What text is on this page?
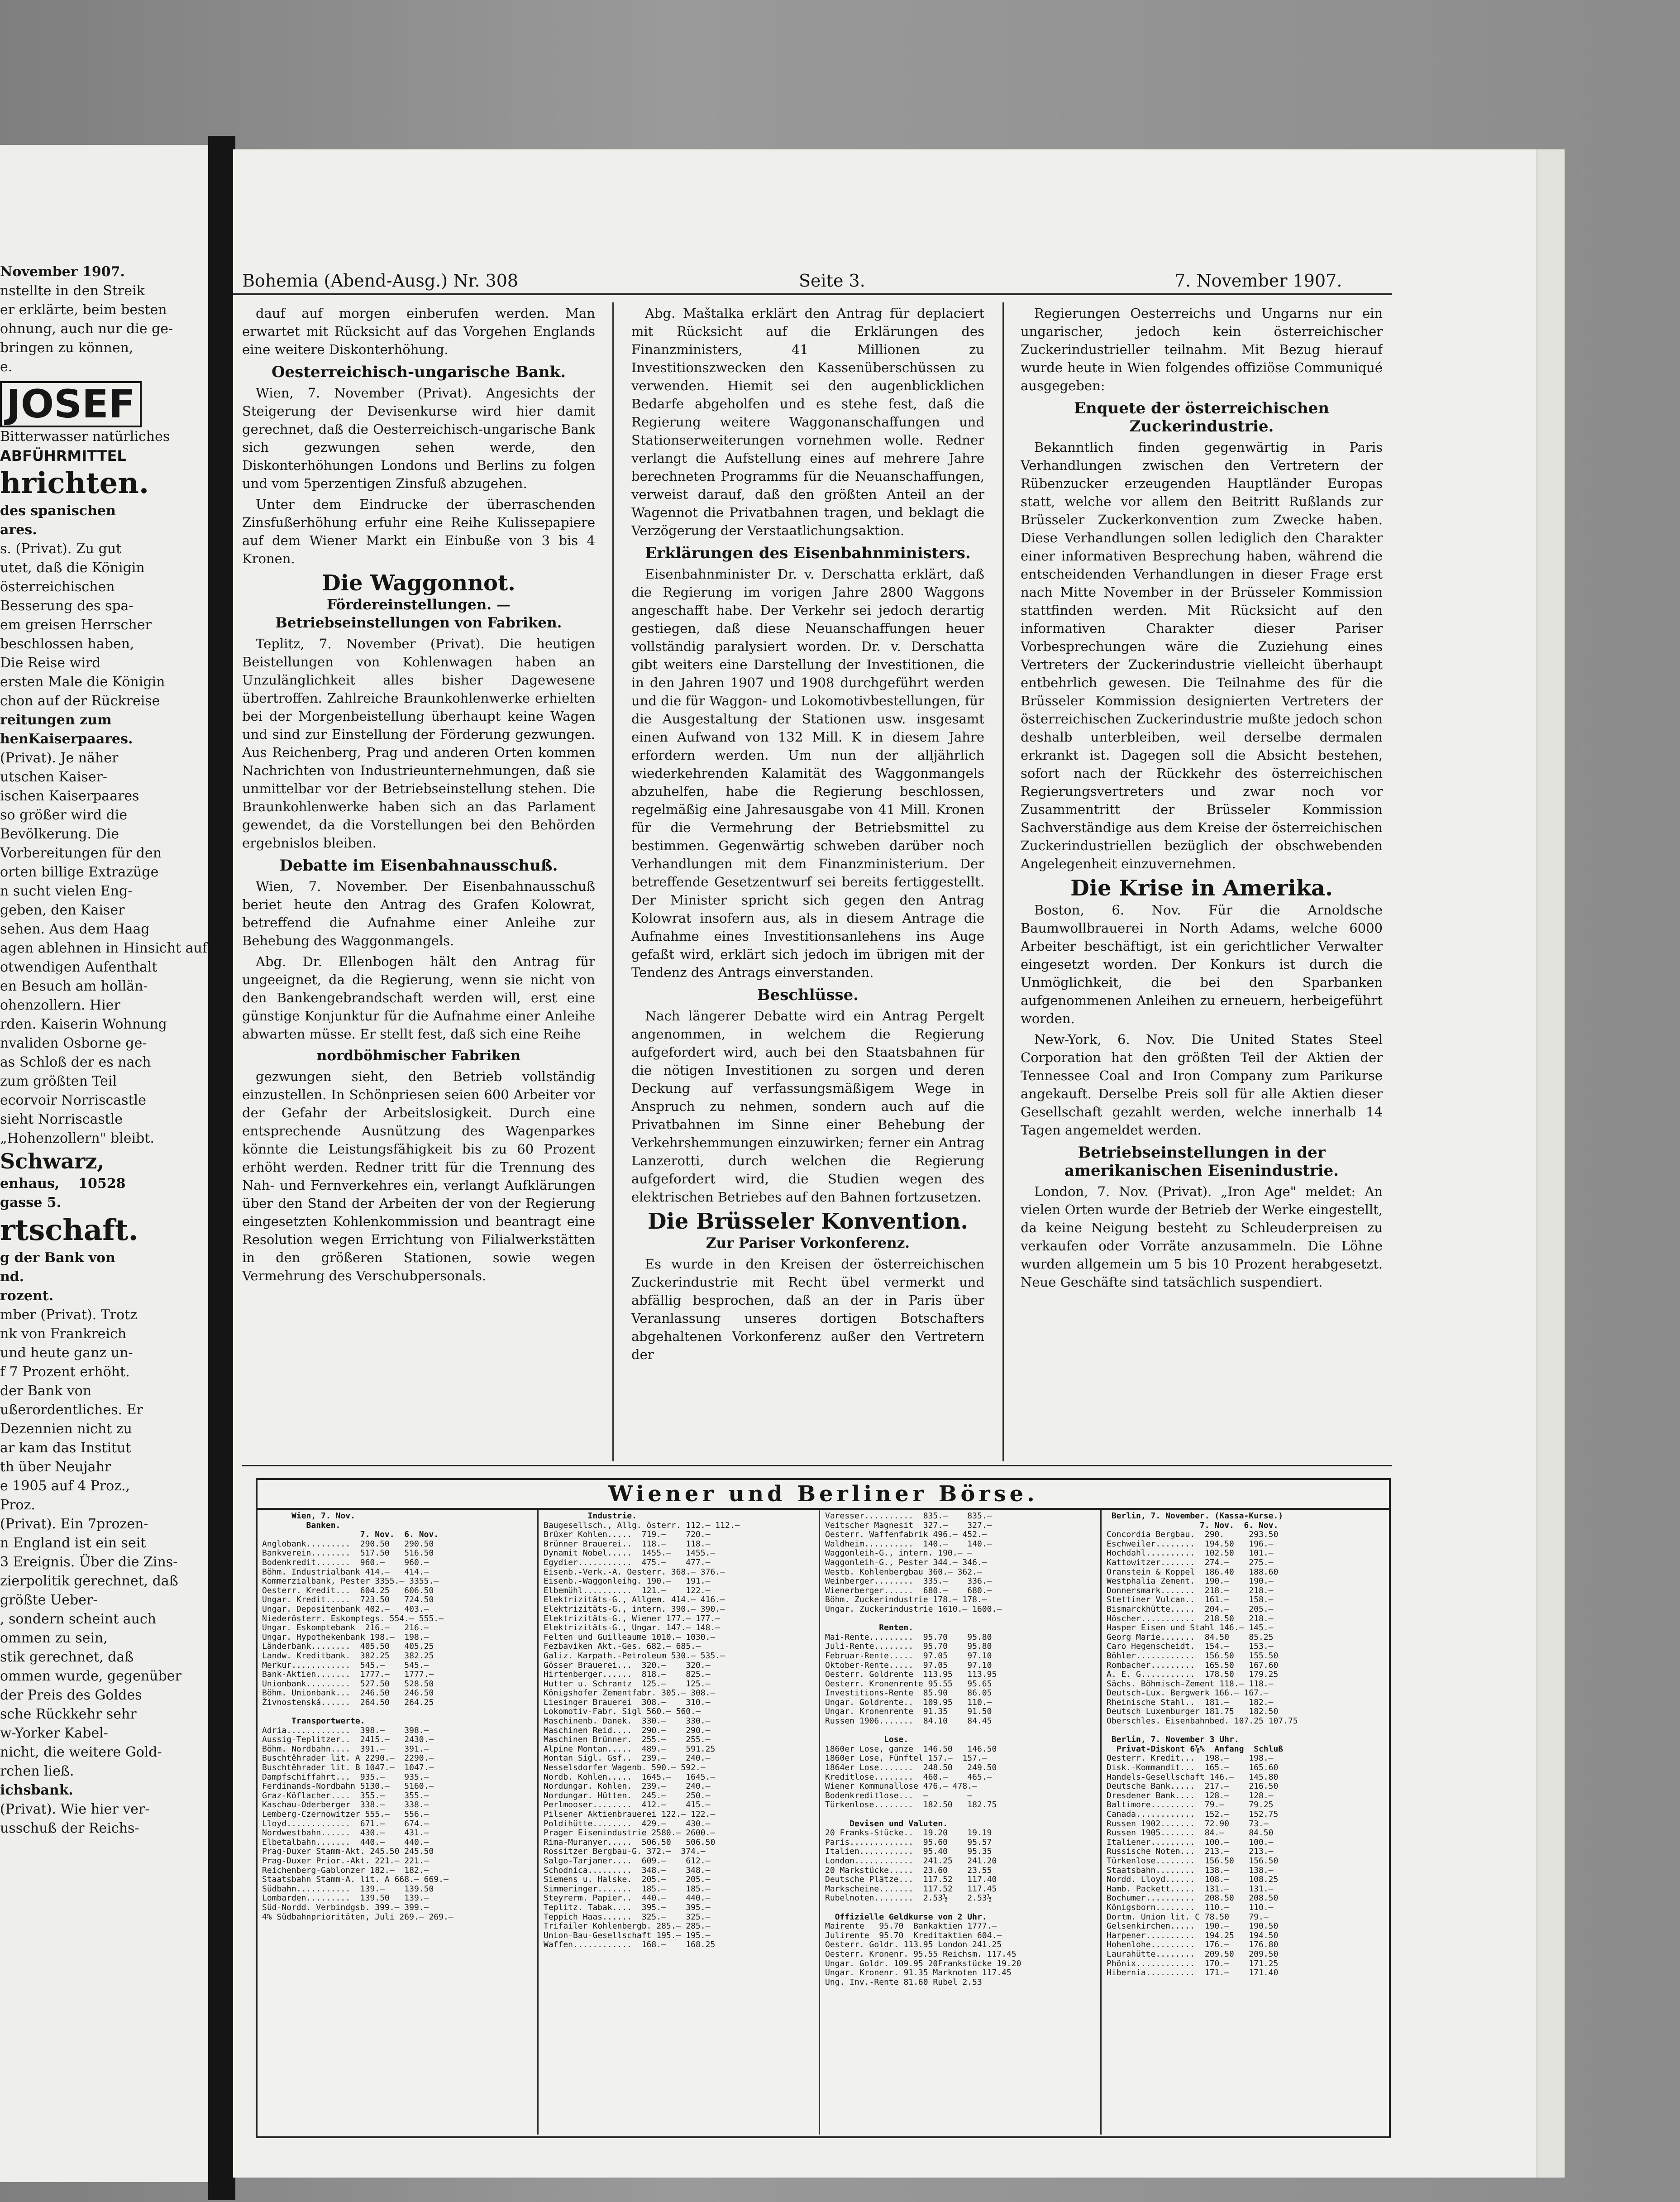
November 1907.
nstellte in den Streik
er erklärte, beim besten
ohnung, auch nur die ge-
bringen zu können,
e.
JOSEF
Bitterwasser natürliches
ABFÜHRMITTEL
hrichten.
des spanischen
ares.
s. (Privat). Zu gut
utet, daß die Königin
österreichischen
Besserung des spa-
em greisen Herrscher
beschlossen haben,
Die Reise wird
ersten Male die Königin
chon auf der Rückreise
reitungen zum
henKaiserpaares.
(Privat). Je näher
utschen Kaiser-
ischen Kaiserpaares
so größer wird die
Bevölkerung. Die
Vorbereitungen für den
orten billige Extrazüge
n sucht vielen Eng-
geben, den Kaiser
sehen. Aus dem Haag
agen ablehnen in Hinsicht auf
otwendigen Aufenthalt
en Besuch am hollän-
ohenzollern. Hier
rden. Kaiserin Wohnung
nvaliden Osborne ge-
as Schloß der es nach
zum größten Teil
ecorvoir Norriscastle
sieht Norriscastle
„Hohenzollern" bleibt.
Schwarz,
enhaus,    10528
gasse 5.
rtschaft.
g der Bank von
nd.
rozent.
mber (Privat). Trotz
nk von Frankreich
und heute ganz un-
f 7 Prozent erhöht.
der Bank von
ußerordentliches. Er
Dezennien nicht zu
ar kam das Institut
th über Neujahr
e 1905 auf 4 Proz.,
Proz.
(Privat). Ein 7prozen-
n England ist ein seit
3 Ereignis. Über die Zins-
zierpolitik gerechnet, daß
größte Ueber-
, sondern scheint auch
ommen zu sein,
stik gerechnet, daß
ommen wurde, gegenüber
der Preis des Goldes
sche Rückkehr sehr
w-Yorker Kabel-
nicht, die weitere Gold-
rchen ließ.
ichsbank.
(Privat). Wie hier ver-
usschuß der Reichs-
Bohemia (Abend-Ausg.) Nr. 308	Seite 3.	7. November 1907.

dauf auf morgen einberufen werden. Man erwartet mit Rücksicht auf das Vorgehen Englands eine weitere Diskonterhöhung.

Oesterreichisch-ungarische Bank.

Wien, 7. November (Privat). Angesichts der Steigerung der Devisenkurse wird hier damit gerechnet, daß die Oesterreichisch-ungarische Bank sich gezwungen sehen werde, den Diskonterhöhungen Londons und Berlins zu folgen und vom 5perzentigen Zinsfuß abzugehen.

Unter dem Eindrucke der überraschenden Zinsfußerhöhung erfuhr eine Reihe Kulissepapiere auf dem Wiener Markt ein Einbuße von 3 bis 4 Kronen.

Die Waggonnot.
Fördereinstellungen. — Betriebseinstellungen von Fabriken.

Teplitz, 7. November (Privat). Die heutigen Beistellungen von Kohlenwagen haben an Unzulänglichkeit alles bisher Dagewesene übertroffen. Zahlreiche Braunkohlenwerke erhielten bei der Morgenbeistellung überhaupt keine Wagen und sind zur Einstellung der Förderung gezwungen. Aus Reichenberg, Prag und anderen Orten kommen Nachrichten von Industrieunternehmungen, daß sie unmittelbar vor der Betriebseinstellung stehen. Die Braunkohlenwerke haben sich an das Parlament gewendet, da die Vorstellungen bei den Behörden ergebnislos bleiben.

Debatte im Eisenbahnausschuß.

Wien, 7. November. Der Eisenbahnausschuß beriet heute den Antrag des Grafen Kolowrat, betreffend die Aufnahme einer Anleihe zur Behebung des Waggonmangels.

Abg. Dr. Ellenbogen hält den Antrag für ungeeignet, da die Regierung, wenn sie nicht von den Bankengebrandschaft werden will, erst eine günstige Konjunktur für die Aufnahme einer Anleihe abwarten müsse. Er stellt fest, daß sich eine Reihe

nordböhmischer Fabriken

gezwungen sieht, den Betrieb vollständig einzustellen. In Schönpriesen seien 600 Arbeiter vor der Gefahr der Arbeitslosigkeit. Durch eine entsprechende Ausnützung des Wagenparkes könnte die Leistungsfähigkeit bis zu 60 Prozent erhöht werden. Redner tritt für die Trennung des Nah- und Fernverkehres ein, verlangt Aufklärungen über den Stand der Arbeiten der von der Regierung eingesetzten Kohlenkommission und beantragt eine Resolution wegen Errichtung von Filialwerkstätten in den größeren Stationen, sowie wegen Vermehrung des Verschubpersonals.

Abg. Maštalka erklärt den Antrag für deplaciert mit Rücksicht auf die Erklärungen des Finanzministers, 41 Millionen zu Investitionszwecken den Kassenüberschüssen zu verwenden. Hiemit sei den augenblicklichen Bedarfe abgeholfen und es stehe fest, daß die Regierung weitere Waggonanschaffungen und Stationserweiterungen vornehmen wolle. Redner verlangt die Aufstellung eines auf mehrere Jahre berechneten Programms für die Neuanschaffungen, verweist darauf, daß den größten Anteil an der Wagennot die Privatbahnen tragen, und beklagt die Verzögerung der Verstaatlichungsaktion.

Erklärungen des Eisenbahnministers.

Eisenbahnminister Dr. v. Derschatta erklärt, daß die Regierung im vorigen Jahre 2800 Waggons angeschafft habe. Der Verkehr sei jedoch derartig gestiegen, daß diese Neuanschaffungen heuer vollständig paralysiert worden. Dr. v. Derschatta gibt weiters eine Darstellung der Investitionen, die in den Jahren 1907 und 1908 durchgeführt werden und die für Waggon- und Lokomotivbestellungen, für die Ausgestaltung der Stationen usw. insgesamt einen Aufwand von 132 Mill. K in diesem Jahre erfordern werden. Um nun der alljährlich wiederkehrenden Kalamität des Waggonmangels abzuhelfen, habe die Regierung beschlossen, regelmäßig eine Jahresausgabe von 41 Mill. Kronen für die Vermehrung der Betriebsmittel zu bestimmen. Gegenwärtig schweben darüber noch Verhandlungen mit dem Finanzministerium. Der betreffende Gesetzentwurf sei bereits fertiggestellt. Der Minister spricht sich gegen den Antrag Kolowrat insofern aus, als in diesem Antrage die Aufnahme eines Investitionsanlehens ins Auge gefaßt wird, erklärt sich jedoch im übrigen mit der Tendenz des Antrags einverstanden.

Beschlüsse.

Nach längerer Debatte wird ein Antrag Pergelt angenommen, in welchem die Regierung aufgefordert wird, auch bei den Staatsbahnen für die nötigen Investitionen zu sorgen und deren Deckung auf verfassungsmäßigem Wege in Anspruch zu nehmen, sondern auch auf die Privatbahnen im Sinne einer Behebung der Verkehrshemmungen einzuwirken; ferner ein Antrag Lanzerotti, durch welchen die Regierung aufgefordert wird, die Studien wegen des elektrischen Betriebes auf den Bahnen fortzusetzen.

Die Brüsseler Konvention.
Zur Pariser Vorkonferenz.

Es wurde in den Kreisen der österreichischen Zuckerindustrie mit Recht übel vermerkt und abfällig besprochen, daß an der in Paris über Veranlassung unseres dortigen Botschafters abgehaltenen Vorkonferenz außer den Vertretern der

Regierungen Oesterreichs und Ungarns nur ein ungarischer, jedoch kein österreichischer Zuckerindustrieller teilnahm. Mit Bezug hierauf wurde heute in Wien folgendes offiziöse Communiqué ausgegeben:

Enquete der österreichischen Zuckerindustrie.

Bekanntlich finden gegenwärtig in Paris Verhandlungen zwischen den Vertretern der Rübenzucker erzeugenden Hauptländer Europas statt, welche vor allem den Beitritt Rußlands zur Brüsseler Zuckerkonvention zum Zwecke haben. Diese Verhandlungen sollen lediglich den Charakter einer informativen Besprechung haben, während die entscheidenden Verhandlungen in dieser Frage erst nach Mitte November in der Brüsseler Kommission stattfinden werden. Mit Rücksicht auf den informativen Charakter dieser Pariser Vorbesprechungen wäre die Zuziehung eines Vertreters der Zuckerindustrie vielleicht überhaupt entbehrlich gewesen. Die Teilnahme des für die Brüsseler Kommission designierten Vertreters der österreichischen Zuckerindustrie mußte jedoch schon deshalb unterbleiben, weil derselbe dermalen erkrankt ist. Dagegen soll die Absicht bestehen, sofort nach der Rückkehr des österreichischen Regierungsvertreters und zwar noch vor Zusammentritt der Brüsseler Kommission Sachverständige aus dem Kreise der österreichischen Zuckerindustriellen bezüglich der obschwebenden Angelegenheit einzuvernehmen.

Die Krise in Amerika.

Boston, 6. Nov. Für die Arnoldsche Baumwollbrauerei in North Adams, welche 6000 Arbeiter beschäftigt, ist ein gerichtlicher Verwalter eingesetzt worden. Der Konkurs ist durch die Unmöglichkeit, die bei den Sparbanken aufgenommenen Anleihen zu erneuern, herbeigeführt worden.

New-York, 6. Nov. Die United States Steel Corporation hat den größten Teil der Aktien der Tennessee Coal and Iron Company zum Parikurse angekauft. Derselbe Preis soll für alle Aktien dieser Gesellschaft gezahlt werden, welche innerhalb 14 Tagen angemeldet werden.

Betriebseinstellungen in der amerikanischen Eisenindustrie.

London, 7. Nov. (Privat). „Iron Age" meldet: An vielen Orten wurde der Betrieb der Werke eingestellt, da keine Neigung besteht zu Schleuderpreisen zu verkaufen oder Vorräte anzusammeln. Die Löhne wurden allgemein um 5 bis 10 Prozent herabgesetzt. Neue Geschäfte sind tatsächlich suspendiert.

Wiener und Berliner Börse.
Wien, 7. Nov.
Banken.
7. Nov.  6. Nov.
Anglobank.........  290.50   290.50
Bankverein........  517.50   516.50
Bodenkredit.......  960.—    960.—
Böhm. Industrialbank 414.—   414.—
Kommerzialbank, Pester 3355.— 3355.—
Oesterr. Kredit...  604.25   606.50
Ungar. Kredit.....  723.50   724.50
Ungar. Depositenbank 402.—   403.—
Niederösterr. Eskomptegs. 554.— 555.—
Ungar. Eskomptebank  216.—   216.—
Ungar. Hypothekenbank 198.—  198.—
Länderbank........  405.50   405.25
Landw. Kreditbank.  382.25   382.25
Merkur............  545.—    545.—
Bank-Aktien.......  1777.—   1777.—
Unionbank.........  527.50   528.50
Böhm. Unionbank...  246.50   246.50
Živnostenská......  264.50   264.25

Transportwerte.
Adria.............  398.—    398.—
Aussig-Teplitzer..  2415.—   2430.—
Böhm. Nordbahn....  391.—    391.—
Buschtěhrader lit. A 2290.—  2290.—
Buschtěhrader lit. B 1047.—  1047.—
Dampfschiffahrt...  935.—    935.—
Ferdinands-Nordbahn 5130.—   5160.—
Graz-Köflacher....  355.—    355.—
Kaschau-Oderberger  338.—    338.—
Lemberg-Czernowitzer 555.—   556.—
Lloyd.............  671.—    674.—
Nordwestbahn......  430.—    431.—
Elbetalbahn.......  440.—    440.—
Prag-Duxer Stamm-Akt. 245.50 245.50
Prag-Duxer Prior.-Akt. 221.— 221.—
Reichenberg-Gablonzer 182.—  182.—
Staatsbahn Stamm-A. lit. A 668.— 669.—
Südbahn...........  139.—    139.50
Lombarden.........  139.50   139.—
Süd-Nordd. Verbindgsb. 399.— 399.—
4% Südbahnprioritäten, Juli 269.— 269.—
Industrie.
Baugesellsch., Allg. österr. 112.— 112.—
Brüxer Kohlen.....  719.—    720.—
Brünner Brauerei..  118.—    118.—
Dynamit Nobel.....  1455.—   1455.—
Egydier...........  475.—    477.—
Eisenb.-Verk.-A. Oesterr. 368.— 376.—
Eisenb.-Waggonleihg. 190.—   191.—
Elbemühl..........  121.—    122.—
Elektrizitäts-G., Allgem. 414.— 416.—
Elektrizitäts-G., intern. 390.— 390.—
Elektrizitäts-G., Wiener 177.— 177.—
Elektrizitäts-G., Ungar. 147.— 148.—
Felten und Guilleaume 1010.— 1030.—
Fezbaviken Akt.-Ges. 682.— 685.—
Galiz. Karpath.-Petroleum 530.— 535.—
Gösser Brauerei...  320.—    320.—
Hirtenberger......  818.—    825.—
Hutter u. Schrantz  125.—    125.—
Königshofer Zementfabr. 305.— 308.—
Liesinger Brauerei  308.—    310.—
Lokomotiv-Fabr. Sigl 560.— 560.—
Maschinenb. Danek.  330.—    330.—
Maschinen Reid....  290.—    290.—
Maschinen Brünner.  255.—    255.—
Alpine Montan.....  489.—    591.25
Montan Sigl. Gsf..  239.—    240.—
Nesselsdorfer Wagenb. 590.— 592.—
Nordb. Kohlen.....  1645.—   1645.—
Nordungar. Kohlen.  239.—    240.—
Nordungar. Hütten.  245.—    250.—
Perlmooser........  412.—    415.—
Pilsener Aktienbrauerei 122.— 122.—
Poldihütte........  429.—    430.—
Prager Eisenindustrie 2580.— 2600.—
Rima-Muranyer.....  506.50   506.50
Rossitzer Bergbau-G. 372.—  374.—
Salgo-Tarjaner....  609.—    612.—
Schodnica.........  348.—    348.—
Siemens u. Halske.  205.—    205.—
Simmeringer.......  185.—    185.—
Steyrerm. Papier..  440.—    440.—
Teplitz. Tabak....  395.—    395.—
Teppich Haas......  325.—    325.—
Trifailer Kohlenbergb. 285.— 285.—
Union-Bau-Gesellschaft 195.— 195.—
Waffen............  168.—    168.25
Varesser..........  835.—    835.—
Veitscher Magnesit  327.—    327.—
Oesterr. Waffenfabrik 496.— 452.—
Waldheim..........  140.—    140.—
Waggonleih-G., intern. 190.— —
Waggonleih-G., Pester 344.— 346.—
Westb. Kohlenbergbau 360.— 362.—
Weinberger........  335.—    336.—
Wienerberger......  680.—    680.—
Böhm. Zuckerindustrie 178.— 178.—
Ungar. Zuckerindustrie 1610.— 1600.—

Renten.
Mai-Rente.........  95.70    95.80
Juli-Rente........  95.70    95.80
Februar-Rente.....  97.05    97.10
Oktober-Rente.....  97.05    97.10
Oesterr. Goldrente  113.95   113.95
Oesterr. Kronenrente 95.55   95.65
Investitions-Rente  85.90    86.05
Ungar. Goldrente..  109.95   110.—
Ungar. Kronenrente  91.35    91.50
Russen 1906.......  84.10    84.45

Lose.
1860er Lose, ganze  146.50   146.50
1860er Lose, Fünftel 157.—  157.—
1864er Lose.......  248.50   249.50
Kreditlose........  460.—    465.—
Wiener Kommunallose 476.— 478.—
Bodenkreditlose...  —        —
Türkenlose........  182.50   182.75

Devisen und Valuten.
20 Franks-Stücke..  19.20    19.19
Paris.............  95.60    95.57
Italien...........  95.40    95.35
London............  241.25   241.20
20 Markstücke.....  23.60    23.55
Deutsche Plätze...  117.52   117.40
Markscheine.......  117.52   117.45
Rubelnoten........  2.53½    2.53½

Offizielle Geldkurse von 2 Uhr.
Mairente   95.70  Bankaktien 1777.—
Julirente  95.70  Kreditaktien 604.—
Oesterr. Goldr. 113.95 London 241.25
Oesterr. Kronenr. 95.55 Reichsm. 117.45
Ungar. Goldr. 109.95 20Frankstücke 19.20
Ungar. Kronenr. 91.35 Marknoten 117.45
Ung. Inv.-Rente 81.60 Rubel 2.53
Berlin, 7. November. (Kassa-Kurse.)
7. Nov.  6. Nov.
Concordia Bergbau.  290.     293.50
Eschweiler........  194.50   196.—
Hochdahl..........  102.50   101.—
Kattowitzer.......  274.—    275.—
Oranstein & Koppel  186.40   188.60
Westphalia Zement.  190.—    190.—
Donnersmark.......  218.—    218.—
Stettiner Vulcan..  161.—    158.—
Bismarckhütte.....  204.—    205.—
Höscher...........  218.50   218.—
Hasper Eisen und Stahl 146.— 145.—
Georg Marie.......  84.50    85.25
Caro Hegenscheidt.  154.—    153.—
Böhler............  156.50   155.50
Rombacher.........  165.50   167.60
A. E. G...........  178.50   179.25
Sächs. Böhmisch-Zement 118.— 118.—
Deutsch-Lux. Bergwerk 166.— 167.—
Rheinische Stahl..  181.—    182.—
Deutsch Luxemburger 181.75   182.50
Oberschles. Eisenbahnbed. 107.25 107.75

Berlin, 7. November 3 Uhr.
Privat-Diskont 6⅞%  Anfang  Schluß
Oesterr. Kredit...  198.—    198.—
Disk.-Kommandit...  165.—    165.60
Handels-Gesellschaft 146.—   145.80
Deutsche Bank.....  217.—    216.50
Dresdener Bank....  128.—    128.—
Baltimore.........  79.—     79.25
Canada............  152.—    152.75
Russen 1902.......  72.90    73.—
Russen 1905.......  84.—     84.50
Italiener.........  100.—    100.—
Russische Noten...  213.—    213.—
Türkenlose........  156.50   156.50
Staatsbahn........  138.—    138.—
Nordd. Lloyd......  108.—    108.25
Hamb. Packett.....  131.—    131.—
Bochumer..........  208.50   208.50
Königsborn........  110.—    110.—
Dortm. Union lit. C 78.50    79.—
Gelsenkirchen.....  190.—    190.50
Harpener..........  194.25   194.50
Hohenlohe.........  176.—    176.80
Laurahütte........  209.50   209.50
Phönix............  170.—    171.25
Hibernia..........  171.—    171.40
